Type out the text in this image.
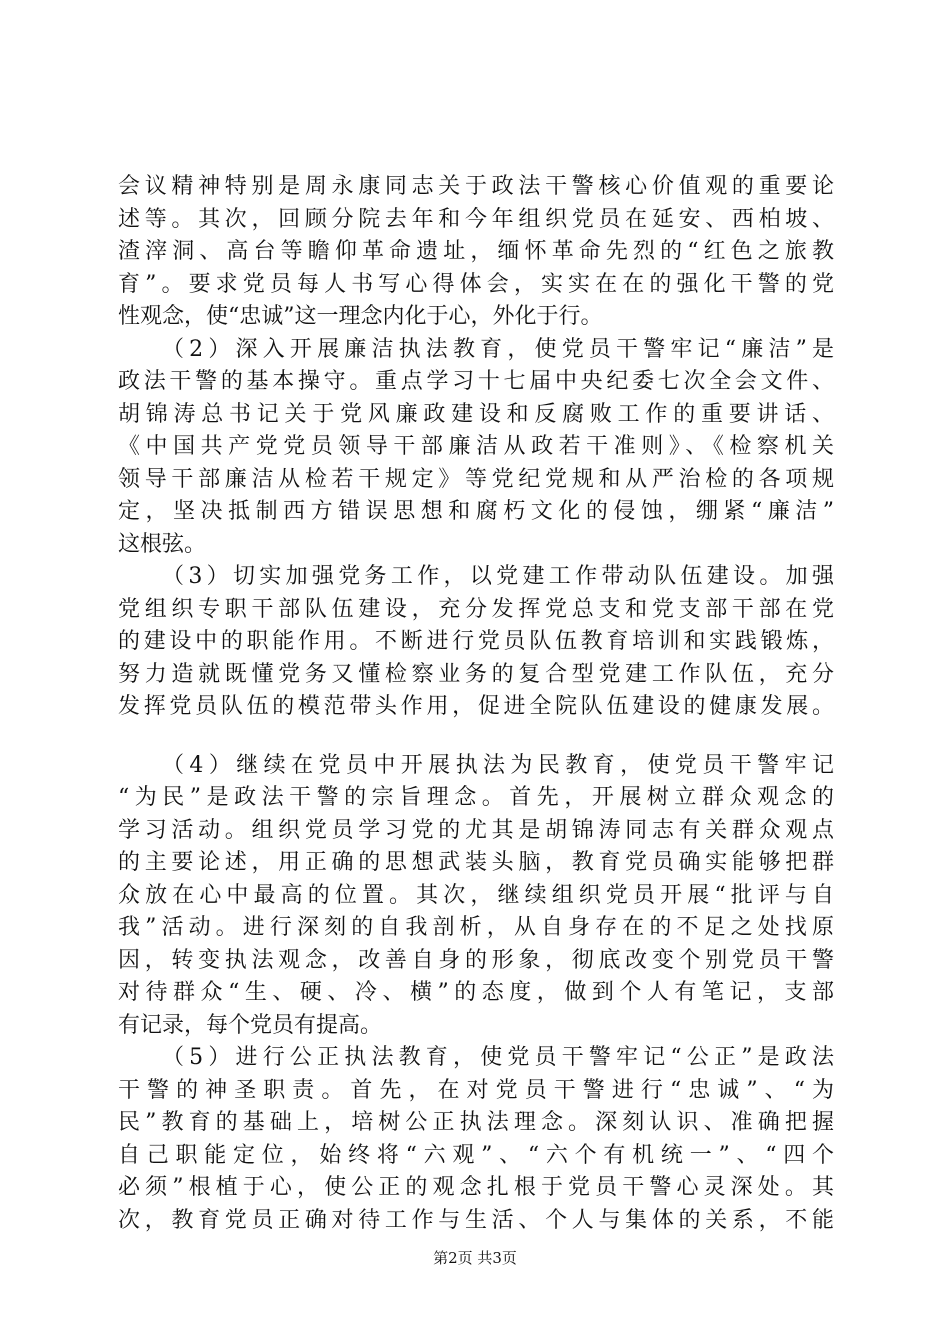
会议精神特别是周永康同志关于政法干警核心价值观的重要论
述等。其次，回顾分院去年和今年组织党员在延安、西柏坡、
渣滓洞、高台等瞻仰革命遗址，缅怀革命先烈的“红色之旅教
育”。要求党员每人书写心得体会，实实在在的强化干警的党
性观念，使“忠诚”这一理念内化于心，外化于行。
（2）深入开展廉洁执法教育，使党员干警牢记“廉洁”是
政法干警的基本操守。重点学习十七届中央纪委七次全会文件、
胡锦涛总书记关于党风廉政建设和反腐败工作的重要讲话、
《中国共产党党员领导干部廉洁从政若干准则》、《检察机关
领导干部廉洁从检若干规定》等党纪党规和从严治检的各项规
定，坚决抵制西方错误思想和腐朽文化的侵蚀，绷紧“廉洁”
这根弦。
（3）切实加强党务工作，以党建工作带动队伍建设。加强
党组织专职干部队伍建设，充分发挥党总支和党支部干部在党
的建设中的职能作用。不断进行党员队伍教育培训和实践锻炼，
努力造就既懂党务又懂检察业务的复合型党建工作队伍，充分
发挥党员队伍的模范带头作用，促进全院队伍建设的健康发展。
（4）继续在党员中开展执法为民教育，使党员干警牢记
“为民”是政法干警的宗旨理念。首先，开展树立群众观念的
学习活动。组织党员学习党的尤其是胡锦涛同志有关群众观点
的主要论述，用正确的思想武装头脑，教育党员确实能够把群
众放在心中最高的位置。其次，继续组织党员开展“批评与自
我”活动。进行深刻的自我剖析，从自身存在的不足之处找原
因，转变执法观念，改善自身的形象，彻底改变个别党员干警
对待群众“生、硬、冷、横”的态度，做到个人有笔记，支部
有记录，每个党员有提高。
（5）进行公正执法教育，使党员干警牢记“公正”是政法
干警的神圣职责。首先，在对党员干警进行“忠诚”、“为
民”教育的基础上，培树公正执法理念。深刻认识、准确把握
自己职能定位，始终将“六观”、“六个有机统一”、“四个
必须”根植于心，使公正的观念扎根于党员干警心灵深处。其
次，教育党员正确对待工作与生活、个人与集体的关系，不能
第2页 共3页
